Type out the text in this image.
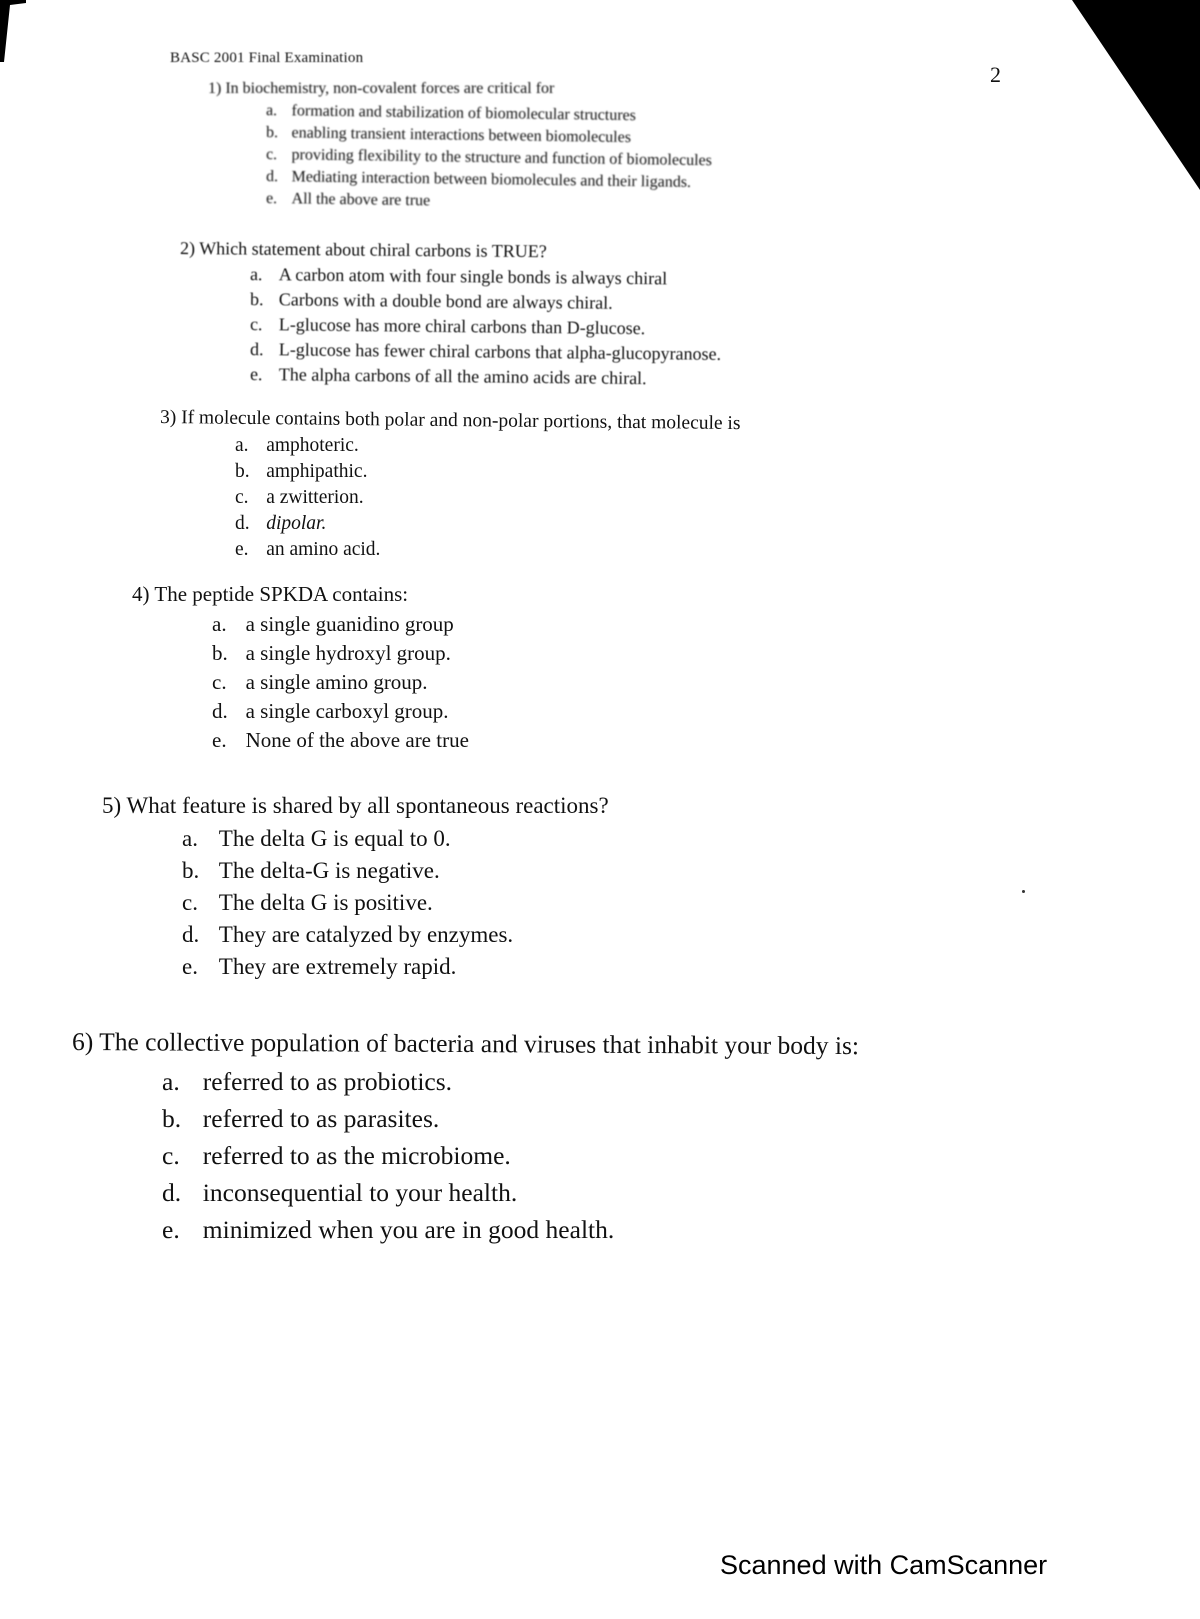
BASC 2001 Final Examination
2
1) In biochemistry, non-covalent forces are critical for
a. formation and stabilization of biomolecular structures
b. enabling transient interactions between biomolecules
c. providing flexibility to the structure and function of biomolecules
d. Mediating interaction between biomolecules and their ligands.
e. All the above are true
2) Which statement about chiral carbons is TRUE?
a. A carbon atom with four single bonds is always chiral
b. Carbons with a double bond are always chiral.
c. L-glucose has more chiral carbons than D-glucose.
d. L-glucose has fewer chiral carbons that alpha-glucopyranose.
e. The alpha carbons of all the amino acids are chiral.
3) If molecule contains both polar and non-polar portions, that molecule is
a. amphoteric.
b. amphipathic.
c. a zwitterion.
d. dipolar.
e. an amino acid.
4) The peptide SPKDA contains:
a. a single guanidino group
b. a single hydroxyl group.
c. a single amino group.
d. a single carboxyl group.
e. None of the above are true
5) What feature is shared by all spontaneous reactions?
a. The delta G is equal to 0.
b. The delta-G is negative.
c. The delta G is positive.
d. They are catalyzed by enzymes.
e. They are extremely rapid.
6) The collective population of bacteria and viruses that inhabit your body is:
a. referred to as probiotics.
b. referred to as parasites.
c. referred to as the microbiome.
d. inconsequential to your health.
e. minimized when you are in good health.
Scanned with CamScanner
